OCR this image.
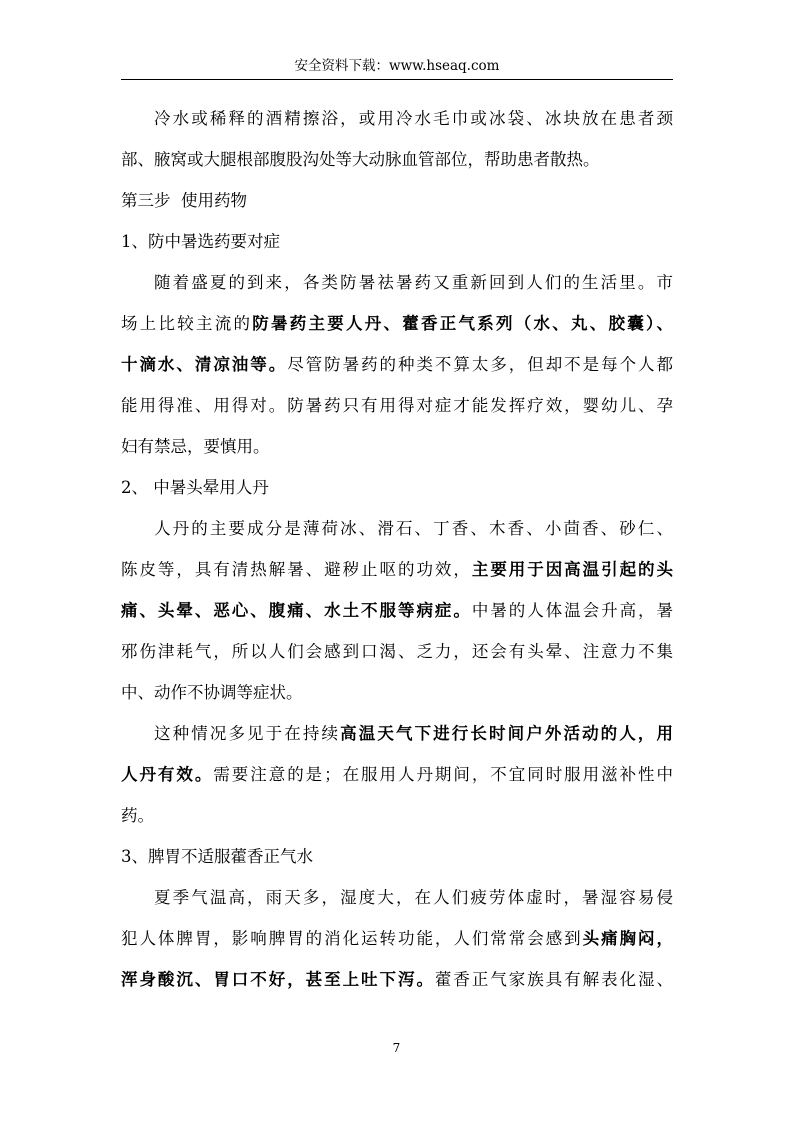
安全资料下载：www.hseaq.com
冷水或稀释的酒精擦浴，或用冷水毛巾或冰袋、冰块放在患者颈
部、腋窝或大腿根部腹股沟处等大动脉血管部位，帮助患者散热。
第三步  使用药物
1、防中暑选药要对症
随着盛夏的到来，各类防暑祛暑药又重新回到人们的生活里。市
场上比较主流的防暑药主要人丹、藿香正气系列（水、丸、胶囊）、
十滴水、清凉油等。尽管防暑药的种类不算太多，但却不是每个人都
能用得准、用得对。防暑药只有用得对症才能发挥疗效，婴幼儿、孕
妇有禁忌，要慎用。
2、 中暑头晕用人丹
人丹的主要成分是薄荷冰、滑石、丁香、木香、小茴香、砂仁、
陈皮等，具有清热解暑、避秽止呕的功效，主要用于因高温引起的头
痛、头晕、恶心、腹痛、水土不服等病症。中暑的人体温会升高，暑
邪伤津耗气，所以人们会感到口渴、乏力，还会有头晕、注意力不集
中、动作不协调等症状。
这种情况多见于在持续高温天气下进行长时间户外活动的人，用
人丹有效。需要注意的是；在服用人丹期间，不宜同时服用滋补性中
药。
3、脾胃不适服藿香正气水
夏季气温高，雨天多，湿度大，在人们疲劳体虚时，暑湿容易侵
犯人体脾胃，影响脾胃的消化运转功能，人们常常会感到头痛胸闷，
浑身酸沉、胃口不好，甚至上吐下泻。藿香正气家族具有解表化湿、
7
